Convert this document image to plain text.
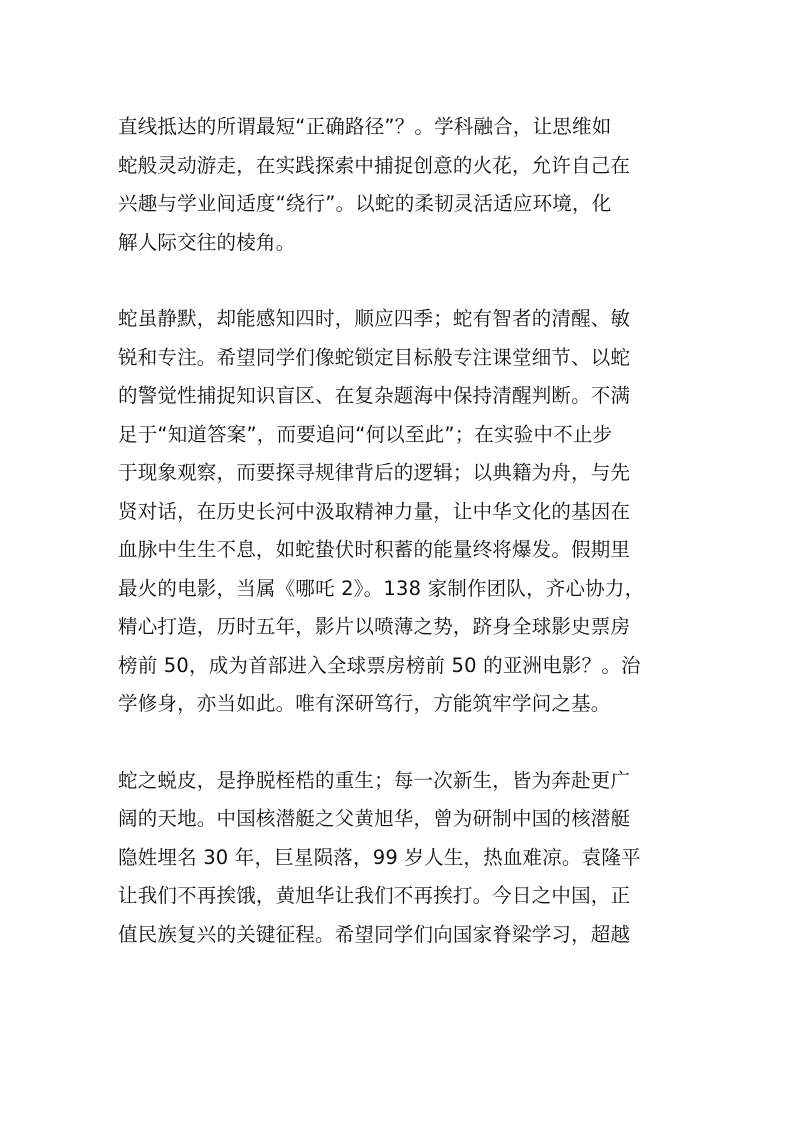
直线抵达的所谓最短“正确路径”？。学科融合，让思维如
蛇般灵动游走，在实践探索中捕捉创意的火花，允许自己在
兴趣与学业间适度“绕行”。以蛇的柔韧灵活适应环境，化
解人际交往的棱角。
蛇虽静默，却能感知四时，顺应四季；蛇有智者的清醒、敏
锐和专注。希望同学们像蛇锁定目标般专注课堂细节、以蛇
的警觉性捕捉知识盲区、在复杂题海中保持清醒判断。不满
足于“知道答案”，而要追问“何以至此”；在实验中不止步
于现象观察，而要探寻规律背后的逻辑；以典籍为舟，与先
贤对话，在历史长河中汲取精神力量，让中华文化的基因在
血脉中生生不息，如蛇蛰伏时积蓄的能量终将爆发。假期里
最火的电影，当属《哪吒 2》。138 家制作团队，齐心协力，
精心打造，历时五年，影片以喷薄之势，跻身全球影史票房
榜前 50，成为首部进入全球票房榜前 50 的亚洲电影？。治
学修身，亦当如此。唯有深研笃行，方能筑牢学问之基。
蛇之蜕皮，是挣脱桎梏的重生；每一次新生，皆为奔赴更广
阔的天地。中国核潜艇之父黄旭华，曾为研制中国的核潜艇
隐姓埋名 30 年，巨星陨落，99 岁人生，热血难凉。袁隆平
让我们不再挨饿，黄旭华让我们不再挨打。今日之中国，正
值民族复兴的关键征程。希望同学们向国家脊梁学习，超越
